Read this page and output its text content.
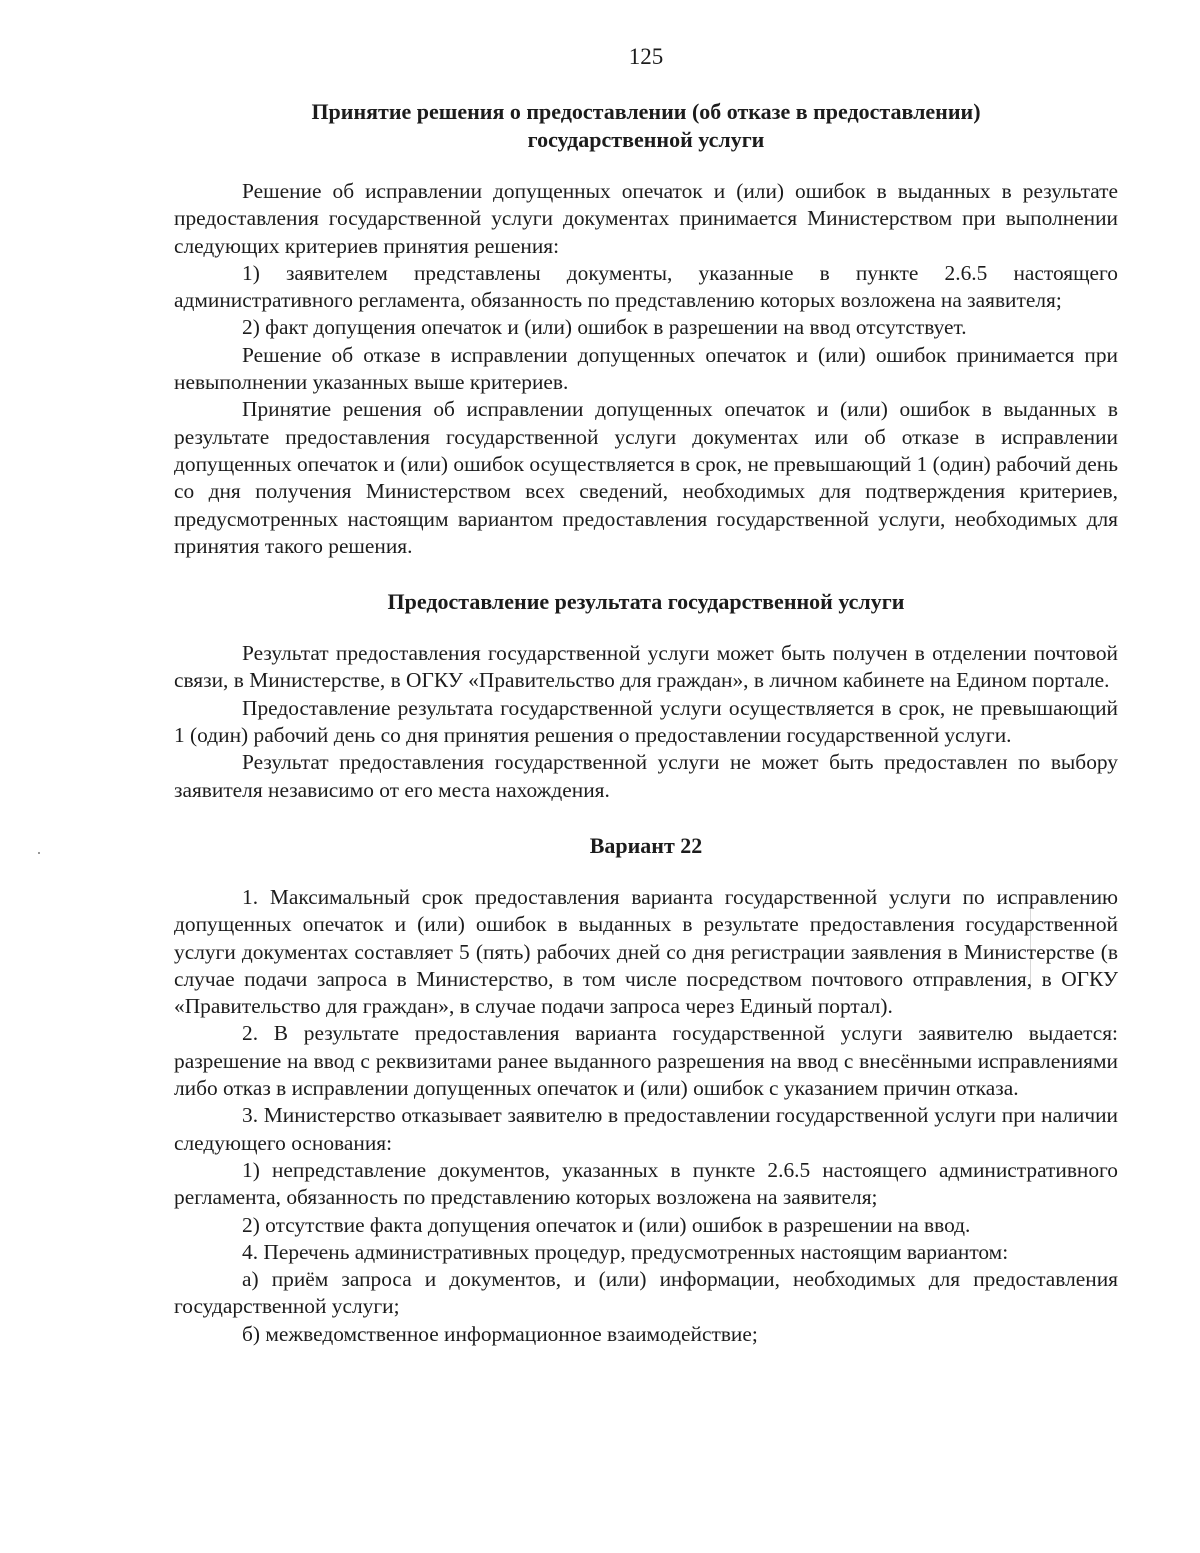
125
Принятие решения о предоставлении (об отказе в предоставлении)
государственной услуги

Решение об исправлении допущенных опечаток и (или) ошибок в выданных в результате предоставления государственной услуги документах принимается Министерством при выполнении следующих критериев принятия решения:

1) заявителем представлены документы, указанные в пункте 2.6.5 настоящего административного регламента, обязанность по представлению которых возложена на заявителя;

2) факт допущения опечаток и (или) ошибок в разрешении на ввод отсутствует.

Решение об отказе в исправлении допущенных опечаток и (или) ошибок принимается при невыполнении указанных выше критериев.

Принятие решения об исправлении допущенных опечаток и (или) ошибок в выданных в результате предоставления государственной услуги документах или об отказе в исправлении допущенных опечаток и (или) ошибок осуществляется в срок, не превышающий 1 (один) рабочий день со дня получения Министерством всех сведений, необходимых для подтверждения критериев, предусмотренных настоящим вариантом предоставления государственной услуги, необходимых для принятия такого решения.

Предоставление результата государственной услуги

Результат предоставления государственной услуги может быть получен в отделении почтовой связи, в Министерстве, в ОГКУ «Правительство для граждан», в личном кабинете на Едином портале.

Предоставление результата государственной услуги осуществляется в срок, не превышающий 1 (один) рабочий день со дня принятия решения о предоставлении государственной услуги.

Результат предоставления государственной услуги не может быть предоставлен по выбору заявителя независимо от его места нахождения.

Вариант 22

1. Максимальный срок предоставления варианта государственной услуги по исправлению допущенных опечаток и (или) ошибок в выданных в результате предоставления государственной услуги документах составляет 5 (пять) рабочих дней со дня регистрации заявления в Министерстве (в случае подачи запроса в Министерство, в том числе посредством почтового отправления, в ОГКУ «Правительство для граждан», в случае подачи запроса через Единый портал).

2. В результате предоставления варианта государственной услуги заявителю выдается: разрешение на ввод с реквизитами ранее выданного разрешения на ввод с внесёнными исправлениями либо отказ в исправлении допущенных опечаток и (или) ошибок с указанием причин отказа.

3. Министерство отказывает заявителю в предоставлении государственной услуги при наличии следующего основания:

1) непредставление документов, указанных в пункте 2.6.5 настоящего административного регламента, обязанность по представлению которых возложена на заявителя;

2) отсутствие факта допущения опечаток и (или) ошибок в разрешении на ввод.

4. Перечень административных процедур, предусмотренных настоящим вариантом:

а) приём запроса и документов, и (или) информации, необходимых для предоставления государственной услуги;

б) межведомственное информационное взаимодействие;
